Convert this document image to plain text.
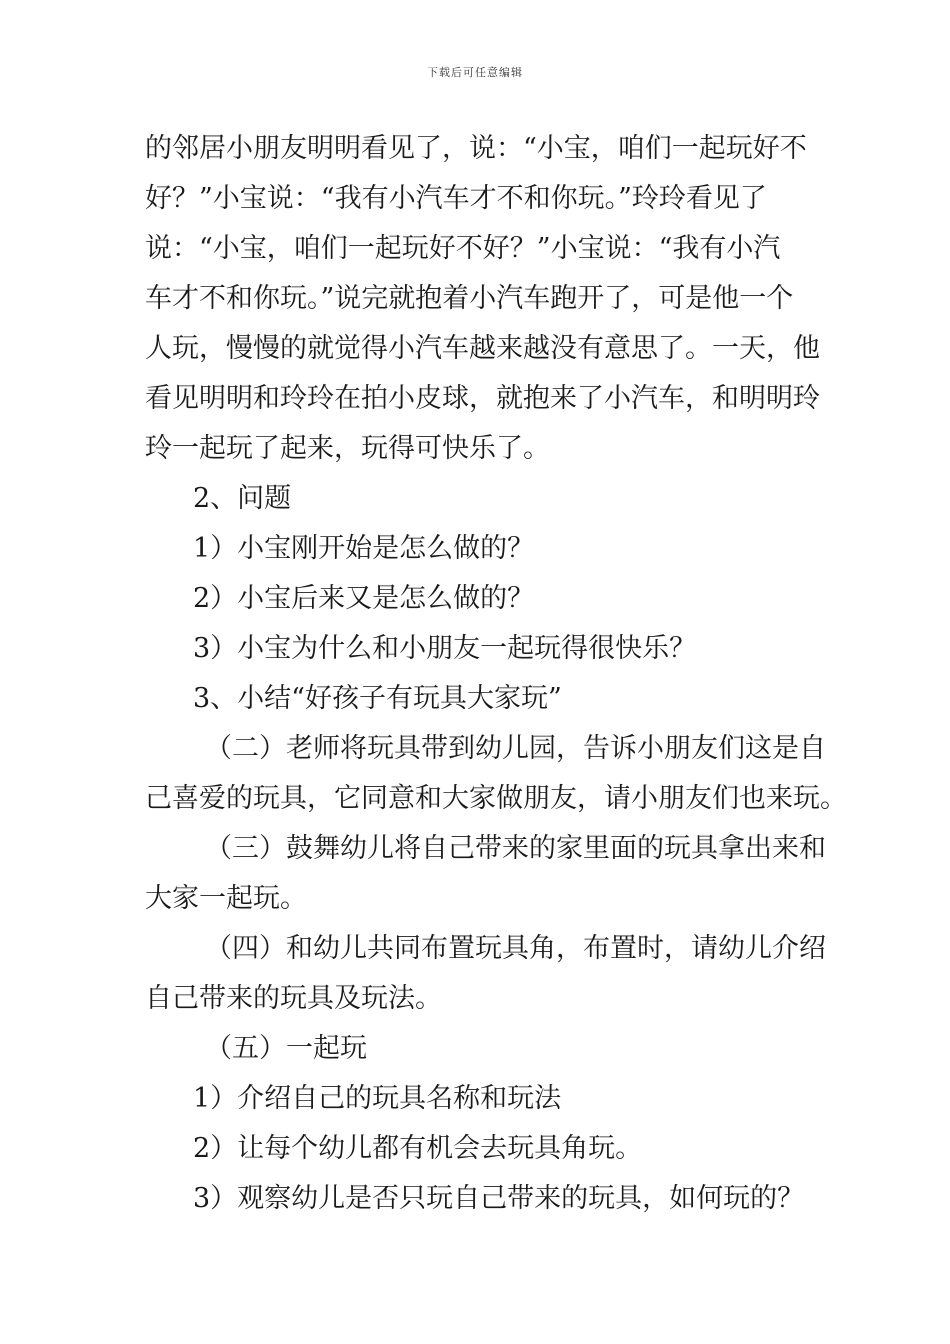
下载后可任意编辑
的邻居小朋友明明看见了，说：“小宝，咱们一起玩好不
好？”小宝说：“我有小汽车才不和你玩。”玲玲看见了
说：“小宝，咱们一起玩好不好？”小宝说：“我有小汽
车才不和你玩。”说完就抱着小汽车跑开了，可是他一个
人玩，慢慢的就觉得小汽车越来越没有意思了。一天，他
看见明明和玲玲在拍小皮球，就抱来了小汽车，和明明玲
玲一起玩了起来，玩得可快乐了。
2、问题
1）小宝刚开始是怎么做的？
2）小宝后来又是怎么做的？
3）小宝为什么和小朋友一起玩得很快乐？
3、小结“好孩子有玩具大家玩”
（二）老师将玩具带到幼儿园，告诉小朋友们这是自
己喜爱的玩具，它同意和大家做朋友，请小朋友们也来玩。
（三）鼓舞幼儿将自己带来的家里面的玩具拿出来和
大家一起玩。
（四）和幼儿共同布置玩具角，布置时，请幼儿介绍
自己带来的玩具及玩法。
（五）一起玩
1）介绍自己的玩具名称和玩法
2）让每个幼儿都有机会去玩具角玩。
3）观察幼儿是否只玩自己带来的玩具，如何玩的？
